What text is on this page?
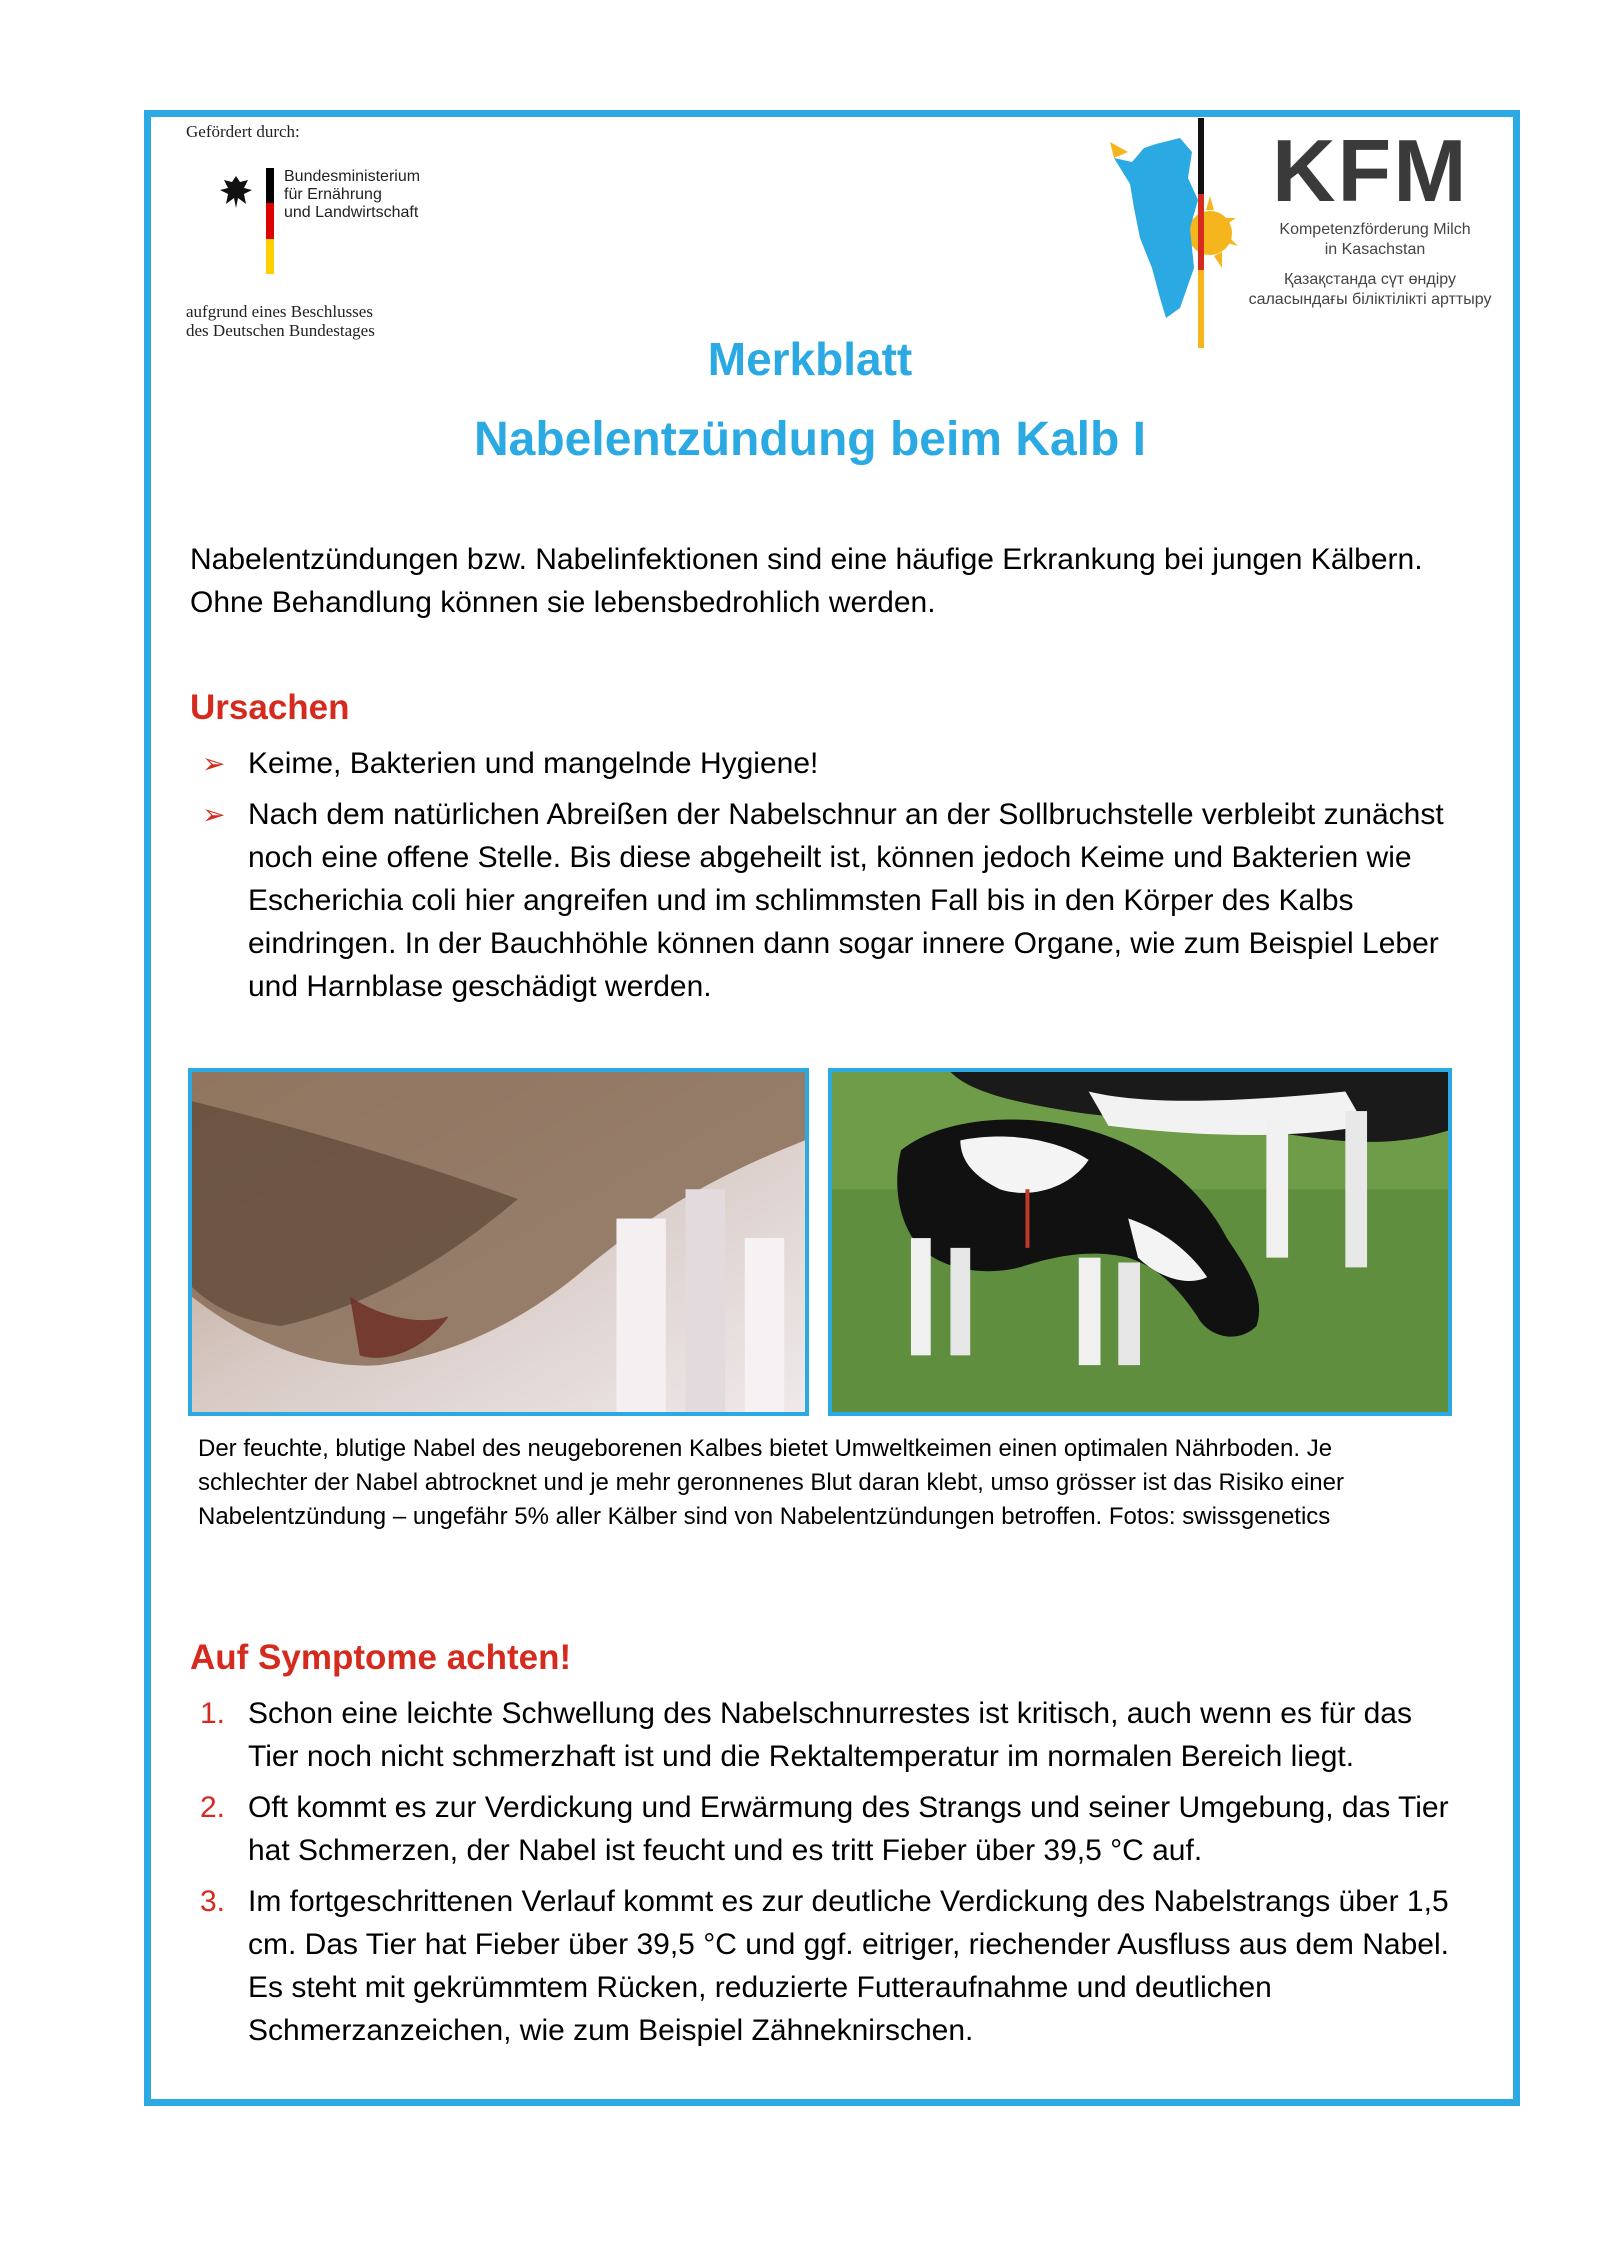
Gefördert durch:
Bundesministerium
für Ernährung
und Landwirtschaft
aufgrund eines Beschlusses
des Deutschen Bundestages
KFM
Kompetenzförderung Milch
in Kasachstan
Қазақстанда сүт өндіру
саласындағы біліктілікті арттыру
Merkblatt
Nabelentzündung beim Kalb I
Nabelentzündungen bzw. Nabelinfektionen sind eine häufige Erkrankung bei jungen Kälbern. Ohne Behandlung können sie lebensbedrohlich werden.
Ursachen
➢ Keime, Bakterien und mangelnde Hygiene!
➢ Nach dem natürlichen Abreißen der Nabelschnur an der Sollbruchstelle verbleibt zunächst noch eine offene Stelle. Bis diese abgeheilt ist, können jedoch Keime und Bakterien wie Escherichia coli hier angreifen und im schlimmsten Fall bis in den Körper des Kalbs eindringen. In der Bauchhöhle können dann sogar innere Organe, wie zum Beispiel Leber und Harnblase geschädigt werden.
Der feuchte, blutige Nabel des neugeborenen Kalbes bietet Umweltkeimen einen optimalen Nährboden. Je schlechter der Nabel abtrocknet und je mehr geronnenes Blut daran klebt, umso grösser ist das Risiko einer Nabelentzündung – ungefähr 5% aller Kälber sind von Nabelentzündungen betroffen. Fotos: swissgenetics
Auf Symptome achten!
1. Schon eine leichte Schwellung des Nabelschnurrestes ist kritisch, auch wenn es für das Tier noch nicht schmerzhaft ist und die Rektaltemperatur im normalen Bereich liegt.
2. Oft kommt es zur Verdickung und Erwärmung des Strangs und seiner Umgebung, das Tier hat Schmerzen, der Nabel ist feucht und es tritt Fieber über 39,5 °C auf.
3. Im fortgeschrittenen Verlauf kommt es zur deutliche Verdickung des Nabelstrangs über 1,5 cm. Das Tier hat Fieber über 39,5 °C und ggf. eitriger, riechender Ausfluss aus dem Nabel. Es steht mit gekrümmtem Rücken, reduzierte Futteraufnahme und deutlichen Schmerzanzeichen, wie zum Beispiel Zähneknirschen.
